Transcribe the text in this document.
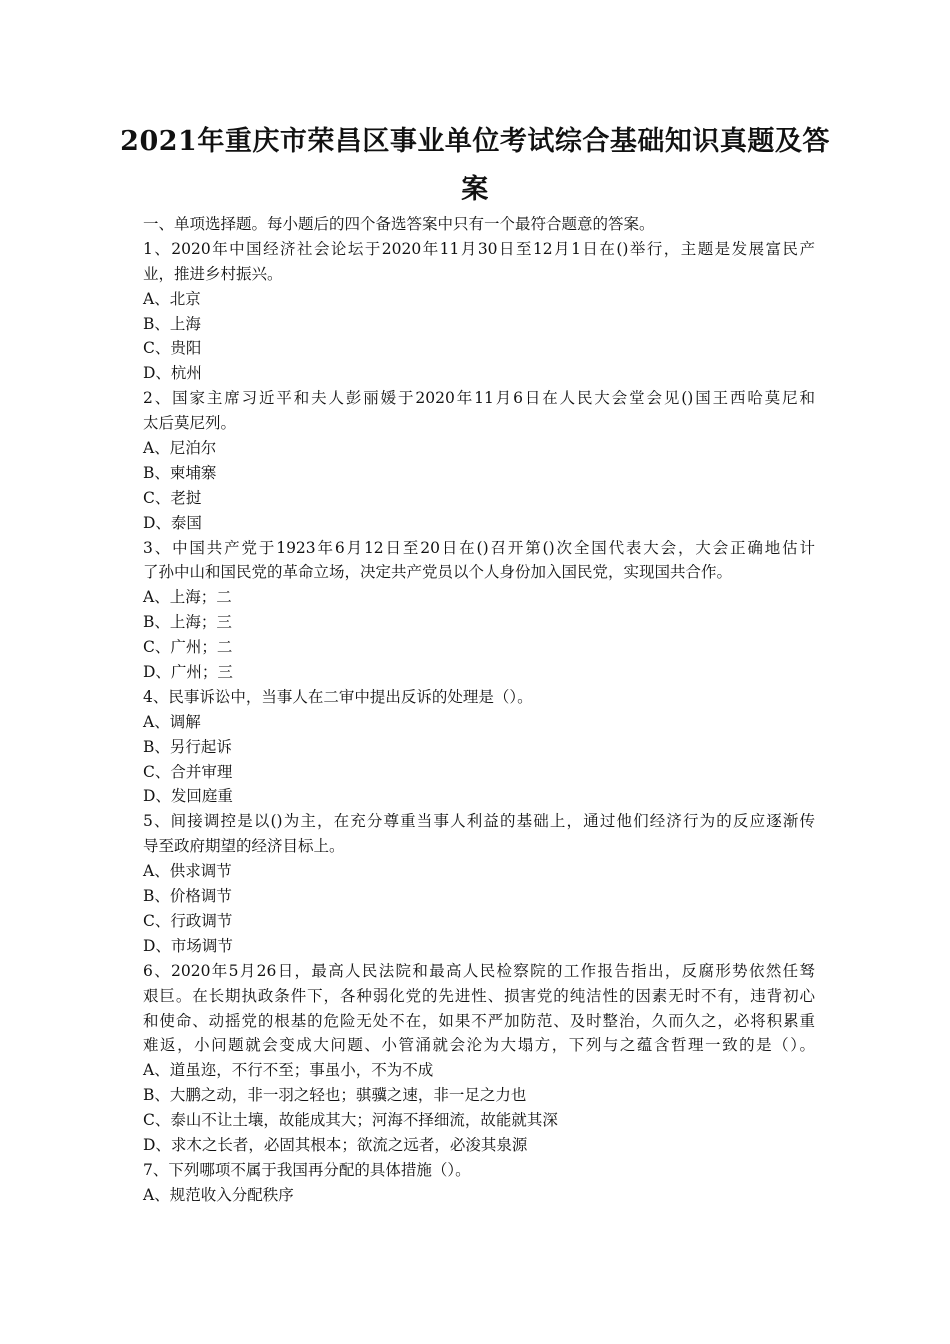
2021年重庆市荣昌区事业单位考试综合基础知识真题及答
案
一、单项选择题。每小题后的四个备选答案中只有一个最符合题意的答案。
1、2020年中国经济社会论坛于2020年11月30日至12月1日在()举行，主题是发展富民产
业，推进乡村振兴。
A、北京
B、上海
C、贵阳
D、杭州
2、国家主席习近平和夫人彭丽媛于2020年11月6日在人民大会堂会见()国王西哈莫尼和
太后莫尼列。
A、尼泊尔
B、柬埔寨
C、老挝
D、泰国
3、中国共产党于1923年6月12日至20日在()召开第()次全国代表大会，大会正确地估计
了孙中山和国民党的革命立场，决定共产党员以个人身份加入国民党，实现国共合作。
A、上海；二
B、上海；三
C、广州；二
D、广州；三
4、民事诉讼中，当事人在二审中提出反诉的处理是（）。
A、调解
B、另行起诉
C、合并审理
D、发回庭重
5、间接调控是以()为主，在充分尊重当事人利益的基础上，通过他们经济行为的反应逐渐传
导至政府期望的经济目标上。
A、供求调节
B、价格调节
C、行政调节
D、市场调节
6、2020年5月26日，最高人民法院和最高人民检察院的工作报告指出，反腐形势依然任驽
艰巨。在长期执政条件下，各种弱化党的先进性、损害党的纯洁性的因素无时不有，违背初心
和使命、动摇党的根基的危险无处不在，如果不严加防范、及时整治，久而久之，必将积累重
难返，小问题就会变成大问题、小管涌就会沦为大塌方，下列与之蕴含哲理一致的是（）。
A、道虽迩，不行不至；事虽小，不为不成
B、大鹏之动，非一羽之轻也；骐骥之速，非一足之力也
C、泰山不让土壤，故能成其大；河海不择细流，故能就其深
D、求木之长者，必固其根本；欲流之远者，必浚其泉源
7、下列哪项不属于我国再分配的具体措施（）。
A、规范收入分配秩序
